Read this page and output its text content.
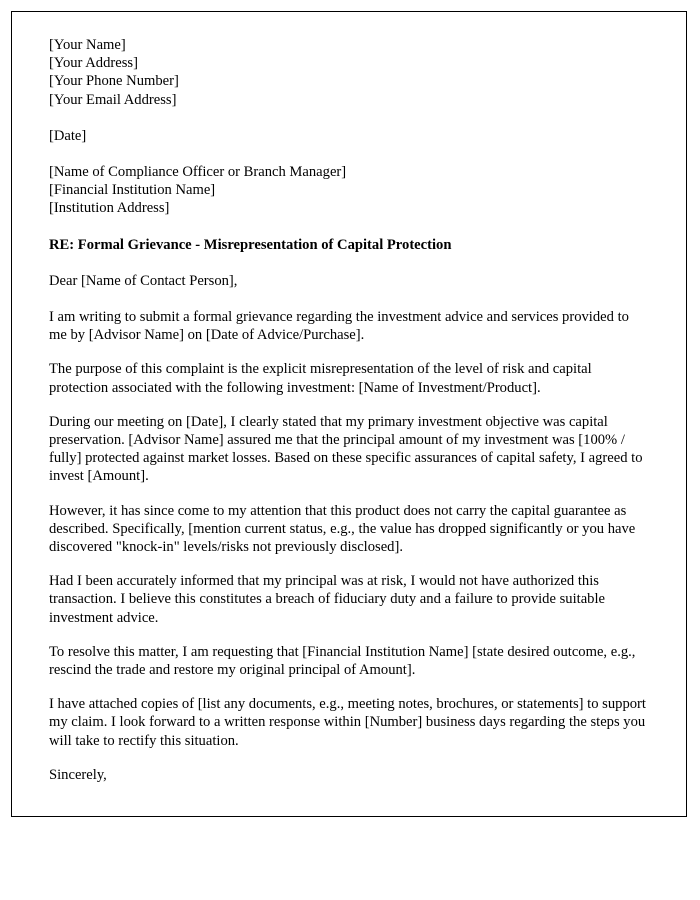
[Your Name]
[Your Address]
[Your Phone Number]
[Your Email Address]
[Date]
[Name of Compliance Officer or Branch Manager]
[Financial Institution Name]
[Institution Address]
RE: Formal Grievance - Misrepresentation of Capital Protection
Dear [Name of Contact Person],

I am writing to submit a formal grievance regarding the investment advice and services provided to me by [Advisor Name] on [Date of Advice/Purchase].

The purpose of this complaint is the explicit misrepresentation of the level of risk and capital protection associated with the following investment: [Name of Investment/Product].

During our meeting on [Date], I clearly stated that my primary investment objective was capital preservation. [Advisor Name] assured me that the principal amount of my investment was [100% / fully] protected against market losses. Based on these specific assurances of capital safety, I agreed to invest [Amount].

However, it has since come to my attention that this product does not carry the capital guarantee as described. Specifically, [mention current status, e.g., the value has dropped significantly or you have discovered "knock-in" levels/risks not previously disclosed].

Had I been accurately informed that my principal was at risk, I would not have authorized this transaction. I believe this constitutes a breach of fiduciary duty and a failure to provide suitable investment advice.

To resolve this matter, I am requesting that [Financial Institution Name] [state desired outcome, e.g., rescind the trade and restore my original principal of Amount].

I have attached copies of [list any documents, e.g., meeting notes, brochures, or statements] to support my claim. I look forward to a written response within [Number] business days regarding the steps you will take to rectify this situation.

Sincerely,
